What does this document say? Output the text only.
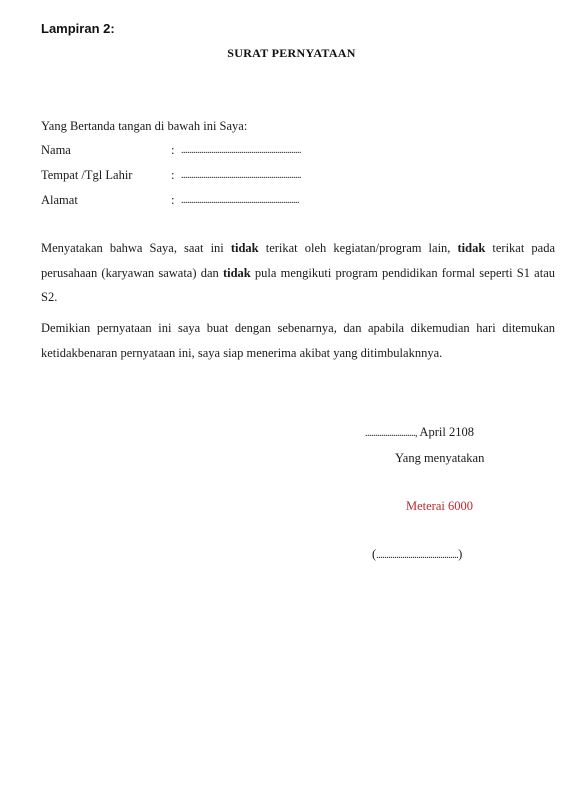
Lampiran 2:
SURAT PERNYATAAN
Yang Bertanda tangan di bawah ini Saya:
Nama	: ............................................................
Tempat /Tgl Lahir	: ............................................................
Alamat	: ...........................................................

Menyatakan bahwa Saya, saat ini tidak terikat oleh kegiatan/program lain, tidak terikat pada perusahaan (karyawan sawata) dan tidak pula mengikuti program pendidikan formal seperti S1 atau S2.

Demikian pernyataan ini saya buat dengan sebenarnya, dan apabila dikemudian hari ditemukan ketidakbenaran pernyataan ini, saya siap menerima akibat yang ditimbulaknnya.

........................., April 2108
Yang menyatakan
Meterai 6000
(.........................................)
